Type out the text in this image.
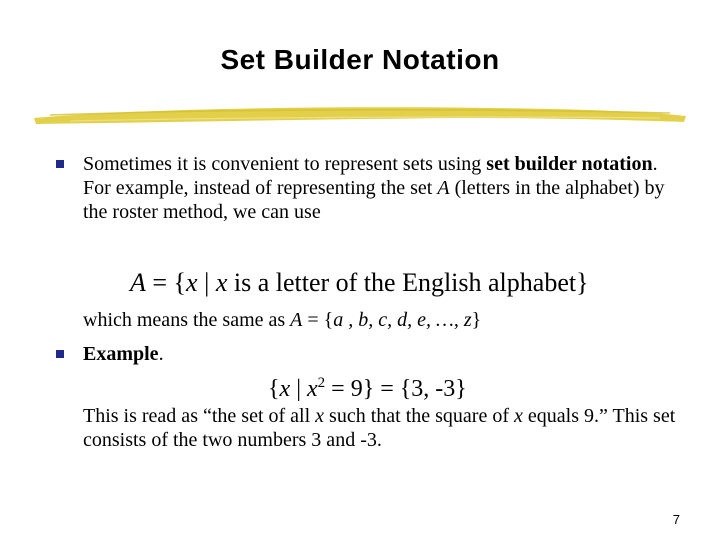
Set Builder Notation
Sometimes it is convenient to represent sets using set builder notation. For example, instead of representing the set A (letters in the alphabet) by the roster method, we can use
A = {x | x is a letter of the English alphabet}
which means the same as A = {a , b, c, d, e, …, z}
Example.
{x | $x^2 = 9\} = \{3$, -3}
This is read as “the set of all x such that the square of x equals 9.” This set consists of the two numbers 3 and -3.
7
